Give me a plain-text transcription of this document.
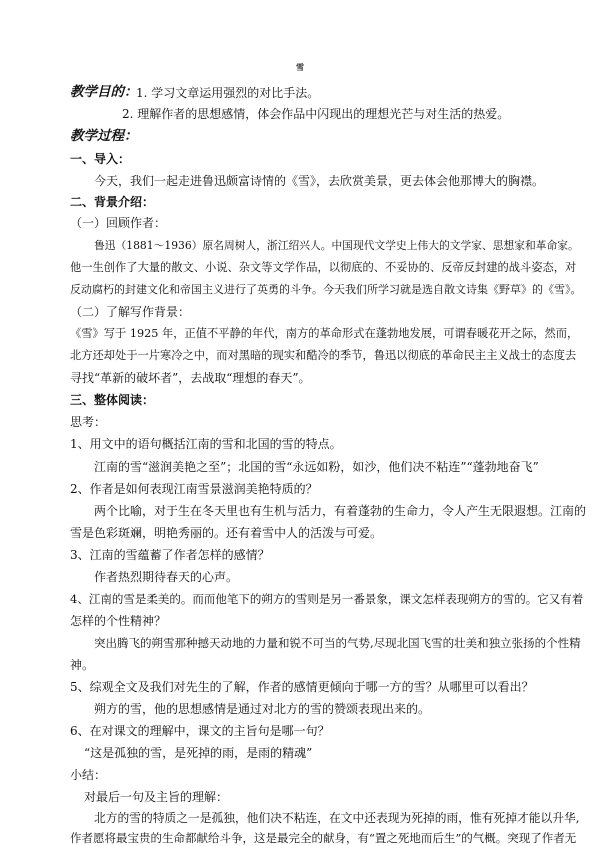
雪
教学目的：
1. 学习文章运用强烈的对比手法。
2. 理解作者的思想感情，体会作品中闪现出的理想光芒与对生活的热爱。
教学过程：
一、导入：
今天，我们一起走进鲁迅颇富诗情的《雪》，去欣赏美景，更去体会他那博大的胸襟。
二、背景介绍：
（一）回顾作者：
鲁迅（1881～1936）原名周树人，浙江绍兴人。中国现代文学史上伟大的文学家、思想家和革命家。
他一生创作了大量的散文、小说、杂文等文学作品，以彻底的、不妥协的、反帝反封建的战斗姿态，对
反动腐朽的封建文化和帝国主义进行了英勇的斗争。今天我们所学习就是选自散文诗集《野草》的《雪》。
（二）了解写作背景：
《雪》写于 1925 年，正值不平静的年代，南方的革命形式在蓬勃地发展，可谓春暖花开之际，然而，
北方还却处于一片寒冷之中，而对黑暗的现实和酷冷的季节，鲁迅以彻底的革命民主主义战士的态度去
寻找“革新的破坏者”，去战取“理想的春天”。
三、整体阅读：
思考：
1、用文中的语句概括江南的雪和北国的雪的特点。
江南的雪“滋润美艳之至”；北国的雪“永远如粉，如沙，他们决不粘连”“蓬勃地奋飞”
2、作者是如何表现江南雪景滋润美艳特质的？
两个比喻，对于生在冬天里也有生机与活力，有着蓬勃的生命力，令人产生无限遐想。江南的
雪是色彩斑斓，明艳秀丽的。还有着雪中人的活泼与可爱。
3、江南的雪蕴蓄了作者怎样的感情？
作者热烈期待春天的心声。
4、江南的雪是柔美的。而而他笔下的朔方的雪则是另一番景象，课文怎样表现朔方的雪的。它又有着
怎样的个性精神？
突出腾飞的朔雪那种撼天动地的力量和锐不可当的气势,尽现北国飞雪的壮美和独立张扬的个性精
神。
5、综观全文及我们对先生的了解，作者的感情更倾向于哪一方的雪？从哪里可以看出？
朔方的雪，他的思想感情是通过对北方的雪的赞颂表现出来的。
6、在对课文的理解中，课文的主旨句是哪一句？
“这是孤独的雪，是死掉的雨，是雨的精魂”
小结：
对最后一句及主旨的理解：
北方的雪的特质之一是孤独，他们决不粘连，在文中还表现为死掉的雨，惟有死掉才能以升华,
作者愿将最宝贵的生命都献给斗争，这是最完全的献身，有“置之死地而后生”的气概。突现了作者无
